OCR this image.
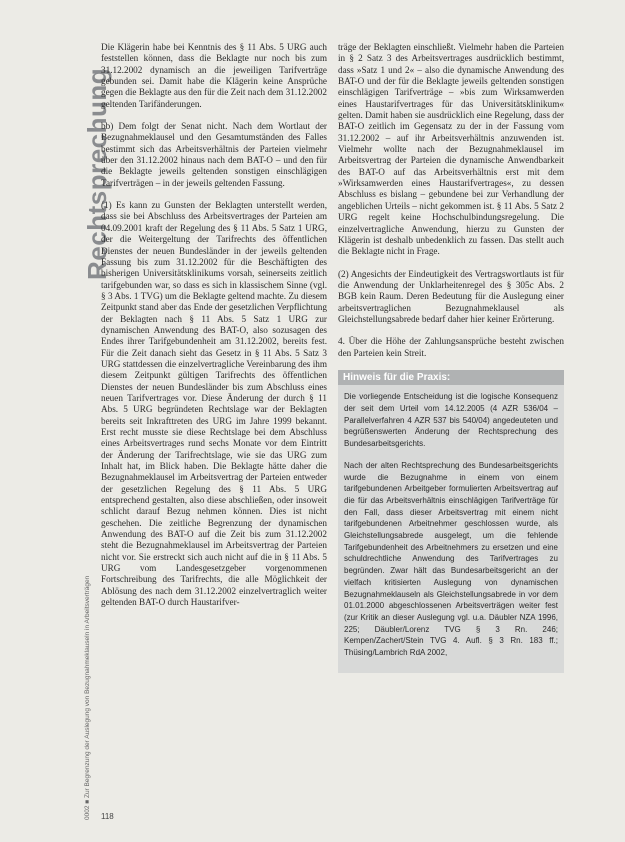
Rechtsprechung
0002 ■ Zur Begrenzung der Auslegung von Bezugnahmeklauseln in Arbeitsverträgen

Die Klägerin habe bei Kenntnis des § 11 Abs. 5 URG auch feststellen können, dass die Beklagte nur noch bis zum 31.12.2002 dynamisch an die jeweiligen Tarifverträge gebunden sei. Damit habe die Klägerin keine Ansprüche gegen die Beklagte aus den für die Zeit nach dem 31.12.2002 geltenden Tarifänderungen.

bb) Dem folgt der Senat nicht. Nach dem Wortlaut der Bezugnahmeklausel und den Gesamtumständen des Falles bestimmt sich das Arbeitsverhältnis der Parteien vielmehr über den 31.12.2002 hinaus nach dem BAT-O – und den für die Beklagte jeweils geltenden sonstigen einschlägigen Tarifverträgen – in der jeweils geltenden Fassung.

(1) Es kann zu Gunsten der Beklagten unterstellt werden, dass sie bei Abschluss des Arbeitsvertrages der Parteien am 04.09.2001 kraft der Regelung des § 11 Abs. 5 Satz 1 URG, der die Weitergeltung der Tarifrechts des öffentlichen Dienstes der neuen Bundesländer in der jeweils geltenden Fassung bis zum 31.12.2002 für die Beschäftigten des bisherigen Universitätsklinikums vorsah, seinerseits zeitlich tarifgebunden war, so dass es sich in klassischem Sinne (vgl. § 3 Abs. 1 TVG) um die Beklagte geltend machte. Zu diesem Zeitpunkt stand aber das Ende der gesetzlichen Verpflichtung der Beklagten nach § 11 Abs. 5 Satz 1 URG zur dynamischen Anwendung des BAT-O, also sozusagen des Endes ihrer Tarifgebundenheit am 31.12.2002, bereits fest. Für die Zeit danach sieht das Gesetz in § 11 Abs. 5 Satz 3 URG stattdessen die einzelvertragliche Vereinbarung des ihm diesem Zeitpunkt gültigen Tarifrechts des öffentlichen Dienstes der neuen Bundesländer bis zum Abschluss eines neuen Tarifvertrages vor. Diese Änderung der durch § 11 Abs. 5 URG begründeten Rechtslage war der Beklagten bereits seit Inkrafttreten des URG im Jahre 1999 bekannt. Erst recht musste sie diese Rechtslage bei dem Abschluss eines Arbeitsvertrages rund sechs Monate vor dem Eintritt der Änderung der Tarifrechtslage, wie sie das URG zum Inhalt hat, im Blick haben. Die Beklagte hätte daher die Bezugnahmeklausel im Arbeitsvertrag der Parteien entweder der gesetzlichen Regelung des § 11 Abs. 5 URG entsprechend gestalten, also diese abschließen, oder insoweit schlicht darauf Bezug nehmen können. Dies ist nicht geschehen. Die zeitliche Begrenzung der dynamischen Anwendung des BAT-O auf die Zeit bis zum 31.12.2002 steht die Bezugnahmeklausel im Arbeitsvertrag der Parteien nicht vor. Sie erstreckt sich auch nicht auf die in § 11 Abs. 5 URG vom Landesgesetzgeber vorgenommenen Fortschreibung des Tarifrechts, die alle Möglichkeit der Ablösung des nach dem 31.12.2002 einzelvertraglich weiter geltenden BAT-O durch Haustarifver-

träge der Beklagten einschließt. Vielmehr haben die Parteien in § 2 Satz 3 des Arbeitsvertrages ausdrücklich bestimmt, dass »Satz 1 und 2« – also die dynamische Anwendung des BAT-O und der für die Beklagte jeweils geltenden sonstigen einschlägigen Tarifverträge – »bis zum Wirksamwerden eines Haustarifvertrages für das Universitätsklinikum« gelten. Damit haben sie ausdrücklich eine Regelung, dass der BAT-O zeitlich im Gegensatz zu der in der Fassung vom 31.12.2002 – auf ihr Arbeitsverhältnis anzuwenden ist. Vielmehr wollte nach der Bezugnahmeklausel im Arbeitsvertrag der Parteien die dynamische Anwendbarkeit des BAT-O auf das Arbeitsverhältnis erst mit dem »Wirksamwerden eines Haustarifvertrages«, zu dessen Abschluss es bislang – gebundene bei zur Verhandlung der angeblichen Urteils – nicht gekommen ist. § 11 Abs. 5 Satz 2 URG regelt keine Hochschulbindungsregelung. Die einzelvertragliche Anwendung, hierzu zu Gunsten der Klägerin ist deshalb unbedenklich zu fassen. Das stellt auch die Beklagte nicht in Frage.

(2) Angesichts der Eindeutigkeit des Vertragswortlauts ist für die Anwendung der Unklarheitenregel des § 305c Abs. 2 BGB kein Raum. Deren Bedeutung für die Auslegung einer arbeitsvertraglichen Bezugnahmeklausel als Gleichstellungsabrede bedarf daher hier keiner Erörterung.

4. Über die Höhe der Zahlungsansprüche besteht zwischen den Parteien kein Streit.

Hinweis für die Praxis:

Die vorliegende Entscheidung ist die logische Konsequenz der seit dem Urteil vom 14.12.2005 (4 AZR 536/04 – Parallelverfahren 4 AZR 537 bis 540/04) angedeuteten und begrüßenswerten Änderung der Rechtsprechung des Bundesarbeitsgerichts.

Nach der alten Rechtsprechung des Bundesarbeitsgerichts wurde die Bezugnahme in einem von einem tarifgebundenen Arbeitgeber formulierten Arbeitsvertrag auf die für das Arbeitsverhältnis einschlägigen Tarifverträge für den Fall, dass dieser Arbeitsvertrag mit einem nicht tarifgebundenen Arbeitnehmer geschlossen wurde, als Gleichstellungsabrede ausgelegt, um die fehlende Tarifgebundenheit des Arbeitnehmers zu ersetzen und eine schuldrechtliche Anwendung des Tarifvertrages zu begründen. Zwar hält das Bundesarbeitsgericht an der vielfach kritisierten Auslegung von dynamischen Bezugnahmeklauseln als Gleichstellungsabrede in vor dem 01.01.2000 abgeschlossenen Arbeitsverträgen weiter fest (zur Kritik an dieser Auslegung vgl. u.a. Däubler NZA 1996, 225; Däubler/Lorenz TVG § 3 Rn. 246; Kempen/Zachert/Stein TVG 4. Aufl. § 3 Rn. 183 ff.; Thüsing/Lambrich RdA 2002,

118
